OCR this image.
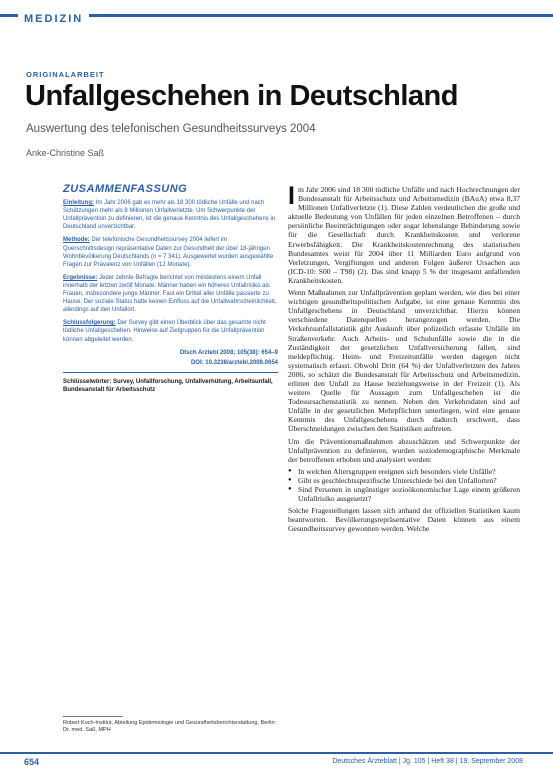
MEDIZIN
ORIGINALARBEIT
Unfallgeschehen in Deutschland
Auswertung des telefonischen Gesundheitssurveys 2004
Anke-Christine Saß
ZUSAMMENFASSUNG

Einleitung: Im Jahr 2006 gab es mehr als 18 300 tödliche Unfälle und nach Schätzungen mehr als 8 Millionen Unfallverletzte. Um Schwerpunkte der Unfallprävention zu definieren, ist die genaue Kenntnis des Unfallgeschehens in Deutschland unverzichtbar.

Methode: Der telefonische Gesundheitssurvey 2004 liefert im Querschnittsdesign repräsentative Daten zur Gesundheit der über 18-jährigen Wohnbevölkerung Deutschlands (n = 7 341). Ausgewertet wurden ausgewählte Fragen zur Prävalenz von Unfällen (12 Monate).

Ergebnisse: Jeder zehnte Befragte berichtet von mindestens einem Unfall innerhalb der letzten zwölf Monate. Männer haben ein höheres Unfallrisiko als Frauen, insbesondere junge Männer. Fast ein Drittel aller Unfälle passierte zu Hause. Der soziale Status hatte keinen Einfluss auf die Unfallwahrscheinlichkeit, allerdings auf den Unfallort.

Schlussfolgerung: Der Survey gibt einen Überblick über das gesamte nicht tödliche Unfallgeschehen. Hinweise auf Zielgruppen für die Unfallprävention können abgeleitet werden.

Dtsch Arztebl 2008; 105(38): 654–9
DOI: 10.3238/arztebl.2008.0654
Schlüsselwörter: Survey, Unfallforschung, Unfallverhütung, Arbeitsunfall, Bundesanstalt für Arbeitsschutz

Im Jahr 2006 sind 18 300 tödliche Unfälle und nach Hochrechnungen der Bundesanstalt für Arbeitsschutz und Arbeitsmedizin (BAuA) etwa 8,37 Millionen Unfallverletzte (1). Diese Zahlen verdeutlichen die große und aktuelle Bedeutung von Unfällen für jeden einzelnen Betroffenen – durch persönliche Beeinträchtigungen oder sogar lebenslange Behinderung sowie für die Gesellschaft durch Krankheitskosten und verlorene Erwerbsfähigkeit. Die Krankheitskostenrechnung des statistischen Bundesamtes weist für 2004 über 11 Milliarden Euro aufgrund von Verletzungen, Vergiftungen und anderen Folgen äußerer Ursachen aus (ICD-10: S00 – T98) (2). Das sind knapp 5 % der insgesamt anfallenden Krankheitskosten.

Wenn Maßnahmen zur Unfallprävention geplant werden, wie dies bei einer wichtigen gesundheitspolitischen Aufgabe, ist eine genaue Kenntnis des Unfallgeschehens in Deutschland unverzichtbar. Hierzu können verschiedene Datenquellen herangezogen werden. Die Verkehrsunfallstatistik gibt Auskunft über polizeilich erfasste Unfälle im Straßenverkehr. Auch Arbeits- und Schulunfälle sowie die in die Zuständigkeit der gesetzlichen Unfallversicherung fallen, sind meldepflichtig. Heim- und Freizeitunfälle werden dagegen nicht systematisch erfasst. Obwohl Dritt (64 %) der Unfallverletzten des Jahres 2006, so schätzt die Bundesanstalt für Arbeitsschutz und Arbeitsmedizin, erlitten den Unfall zu Hause beziehungsweise in der Freizeit (1). Als weitere Quelle für Aussagen zum Unfallgeschehen ist die Todesursachenstatistik zu nennen. Neben den Verkehrsdaten sind auf Unfälle in der gesetzlichen Mehrpflichten unterliegen, wird eine genaue Kenntnis des Unfallgeschehens durch dadurch erschwert, dass Überschneidungen zwischen den Statistiken auftreten.

Um die Präventionsmaßnahmen abzuschätzen und Schwerpunkte der Unfallprävention zu definieren, wurden soziodemographische Merkmale der betroffenen erhoben und analysiert werden:

● In welchen Altersgruppen ereignen sich besonders viele Unfälle?
● Gibt es geschlechtsspezifische Unterschiede bei den Unfallorten?
● Sind Personen in ungünstiger sozioökonomischer Lage einem größeren Unfallrisiko ausgesetzt?

Solche Fragestellungen lassen sich anhand der offiziellen Statistiken kaum beantworten. Bevölkerungsrepräsentative Daten können aus einem Gesundheitssurvey gewonnen werden. Welche

Robert Koch-Institut, Abteilung Epidemiologie und Gesundheitsberichterstattung, Berlin: Dr. med. Saß, MPH
654	Deutsches Ärzteblatt | Jg. 105 | Heft 38 | 19. September 2008
